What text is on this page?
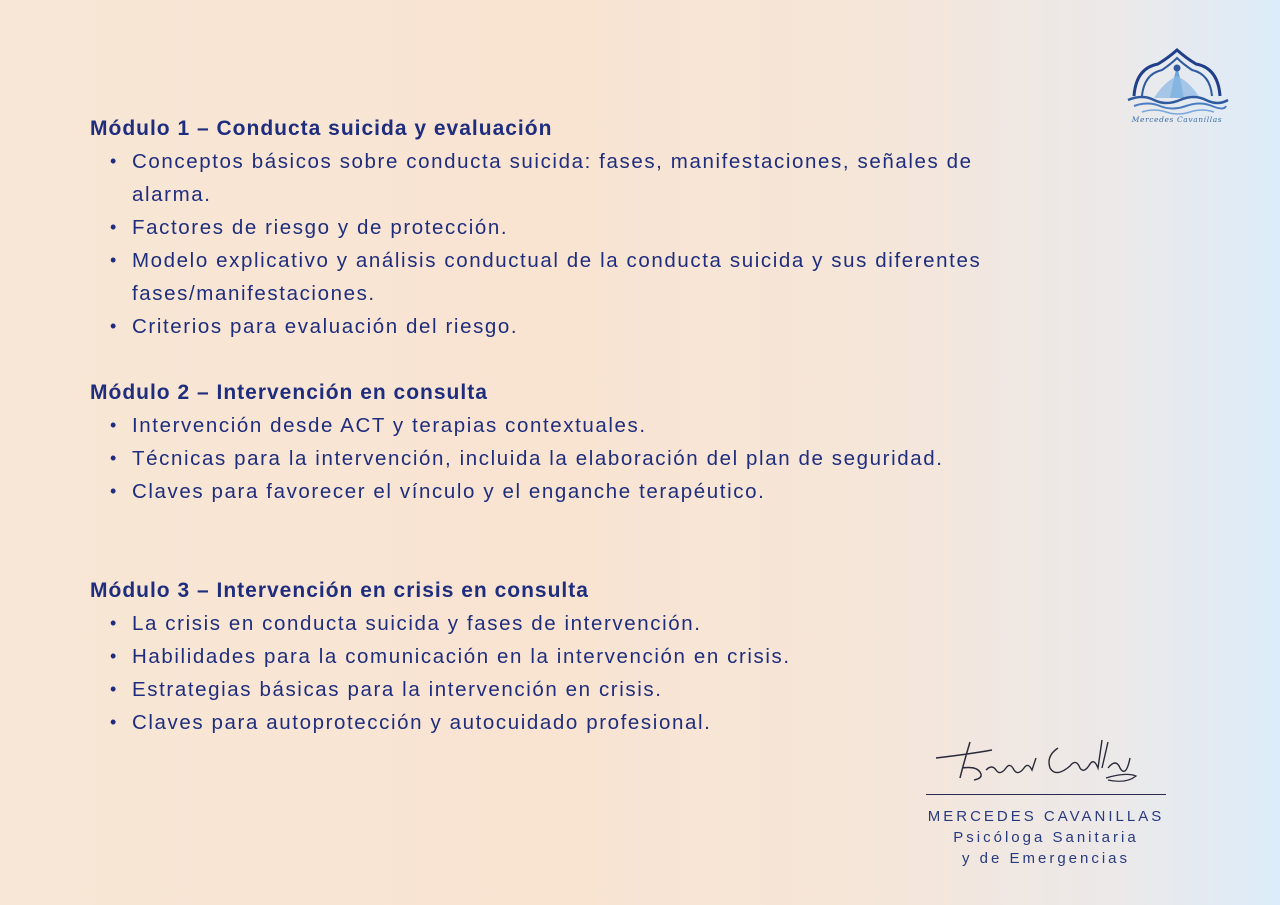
Módulo 1 – Conducta suicida y evaluación
• Conceptos básicos sobre conducta suicida: fases, manifestaciones, señales de alarma.
• Factores de riesgo y de protección.
• Modelo explicativo y análisis conductual de la conducta suicida y sus diferentes fases/manifestaciones.
• Criterios para evaluación del riesgo.
Módulo 2 – Intervención en consulta
• Intervención desde ACT y terapias contextuales.
• Técnicas para la intervención, incluida la elaboración del plan de seguridad.
• Claves para favorecer el vínculo y el enganche terapéutico.
Módulo 3 – Intervención en crisis en consulta
• La crisis en conducta suicida y fases de intervención.
• Habilidades para la comunicación en la intervención en crisis.
• Estrategias básicas para la intervención en crisis.
• Claves para autoprotección y autocuidado profesional.
Mercedes Cavanillas
MERCEDES CAVANILLAS
Psicóloga Sanitaria
y de Emergencias
